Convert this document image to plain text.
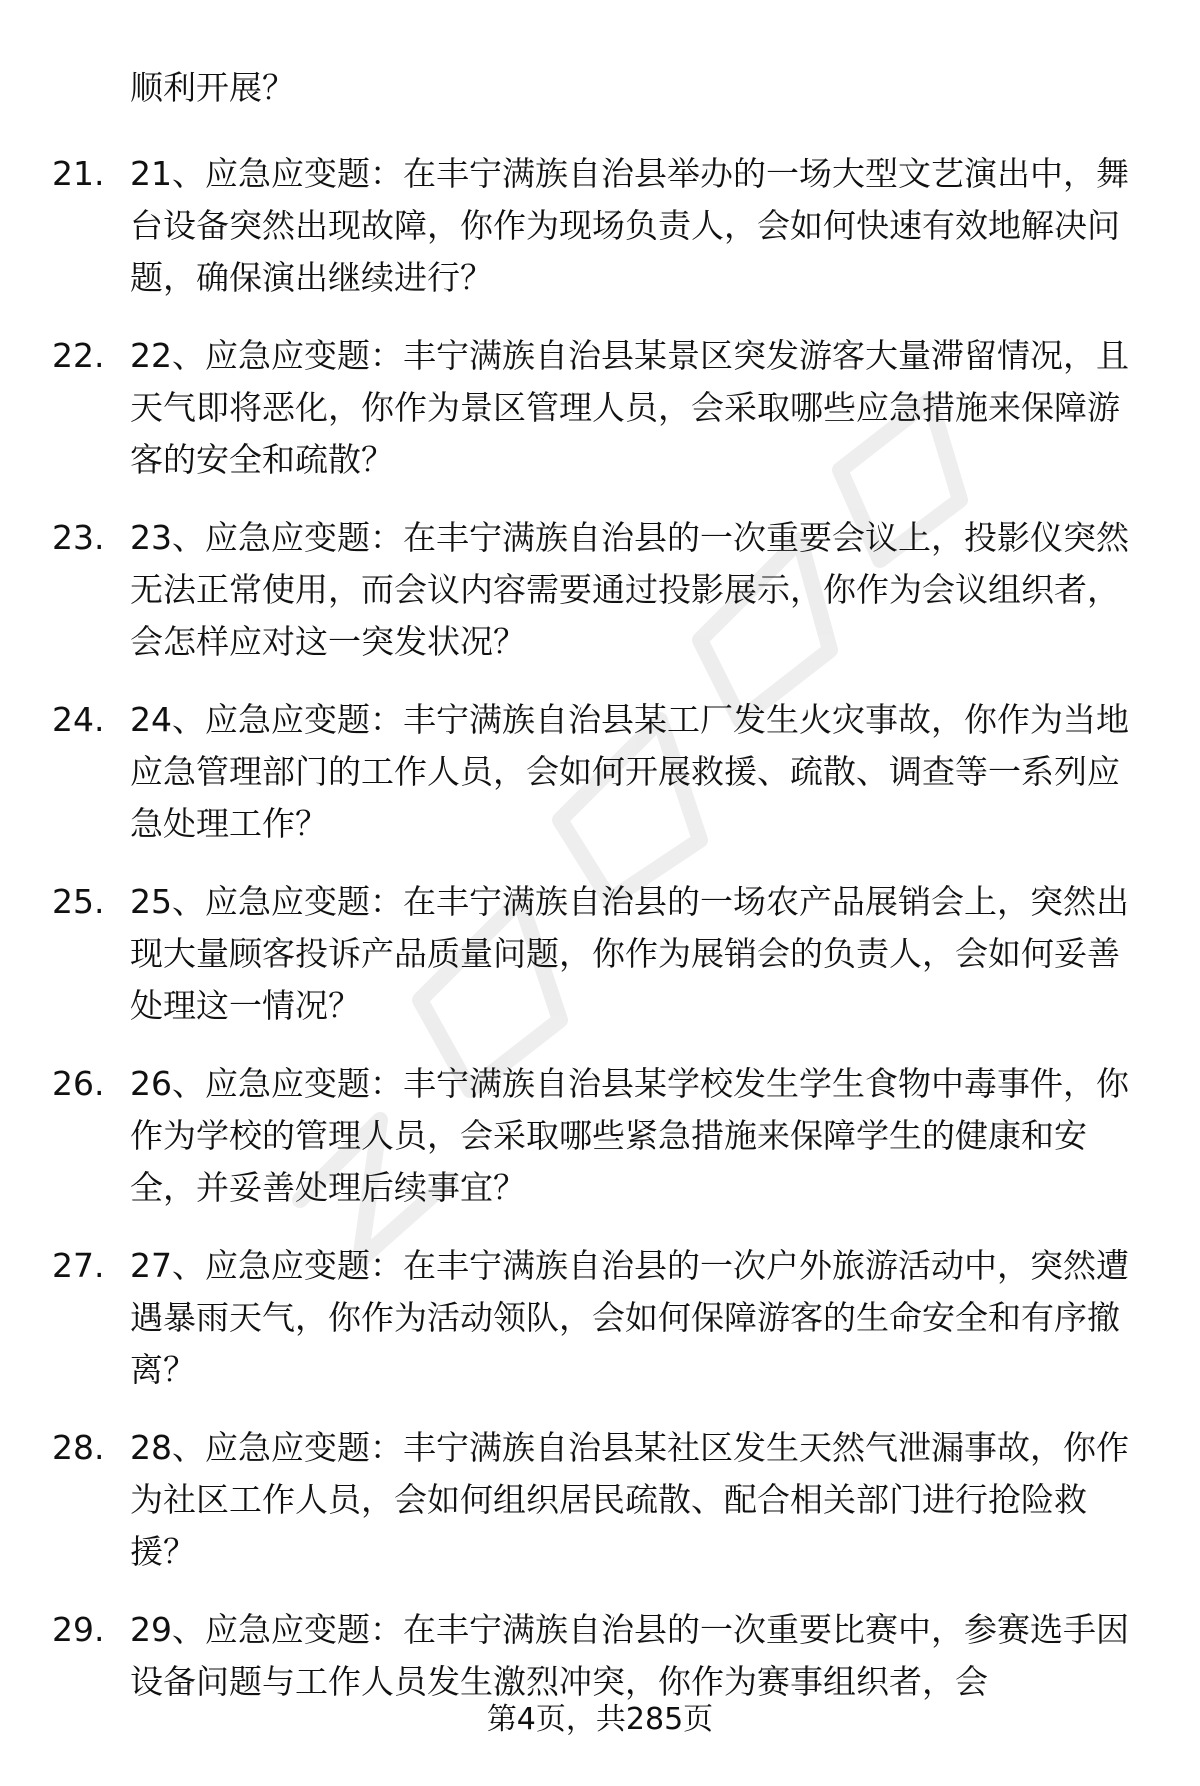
顺利开展？

21. 21、应急应变题：在丰宁满族自治县举办的一场大型文艺演出中，舞台设备突然出现故障，你作为现场负责人，会如何快速有效地解决问题，确保演出继续进行？

22. 22、应急应变题：丰宁满族自治县某景区突发游客大量滞留情况，且天气即将恶化，你作为景区管理人员，会采取哪些应急措施来保障游客的安全和疏散？

23. 23、应急应变题：在丰宁满族自治县的一次重要会议上，投影仪突然无法正常使用，而会议内容需要通过投影展示，你作为会议组织者，会怎样应对这一突发状况？

24. 24、应急应变题：丰宁满族自治县某工厂发生火灾事故，你作为当地应急管理部门的工作人员，会如何开展救援、疏散、调查等一系列应急处理工作？

25. 25、应急应变题：在丰宁满族自治县的一场农产品展销会上，突然出现大量顾客投诉产品质量问题，你作为展销会的负责人，会如何妥善处理这一情况？

26. 26、应急应变题：丰宁满族自治县某学校发生学生食物中毒事件，你作为学校的管理人员，会采取哪些紧急措施来保障学生的健康和安全，并妥善处理后续事宜？

27. 27、应急应变题：在丰宁满族自治县的一次户外旅游活动中，突然遭遇暴雨天气，你作为活动领队，会如何保障游客的生命安全和有序撤离？

28. 28、应急应变题：丰宁满族自治县某社区发生天然气泄漏事故，你作为社区工作人员，会如何组织居民疏散、配合相关部门进行抢险救援？

29. 29、应急应变题：在丰宁满族自治县的一次重要比赛中，参赛选手因设备问题与工作人员发生激烈冲突，你作为赛事组织者，会

第4页，共285页
